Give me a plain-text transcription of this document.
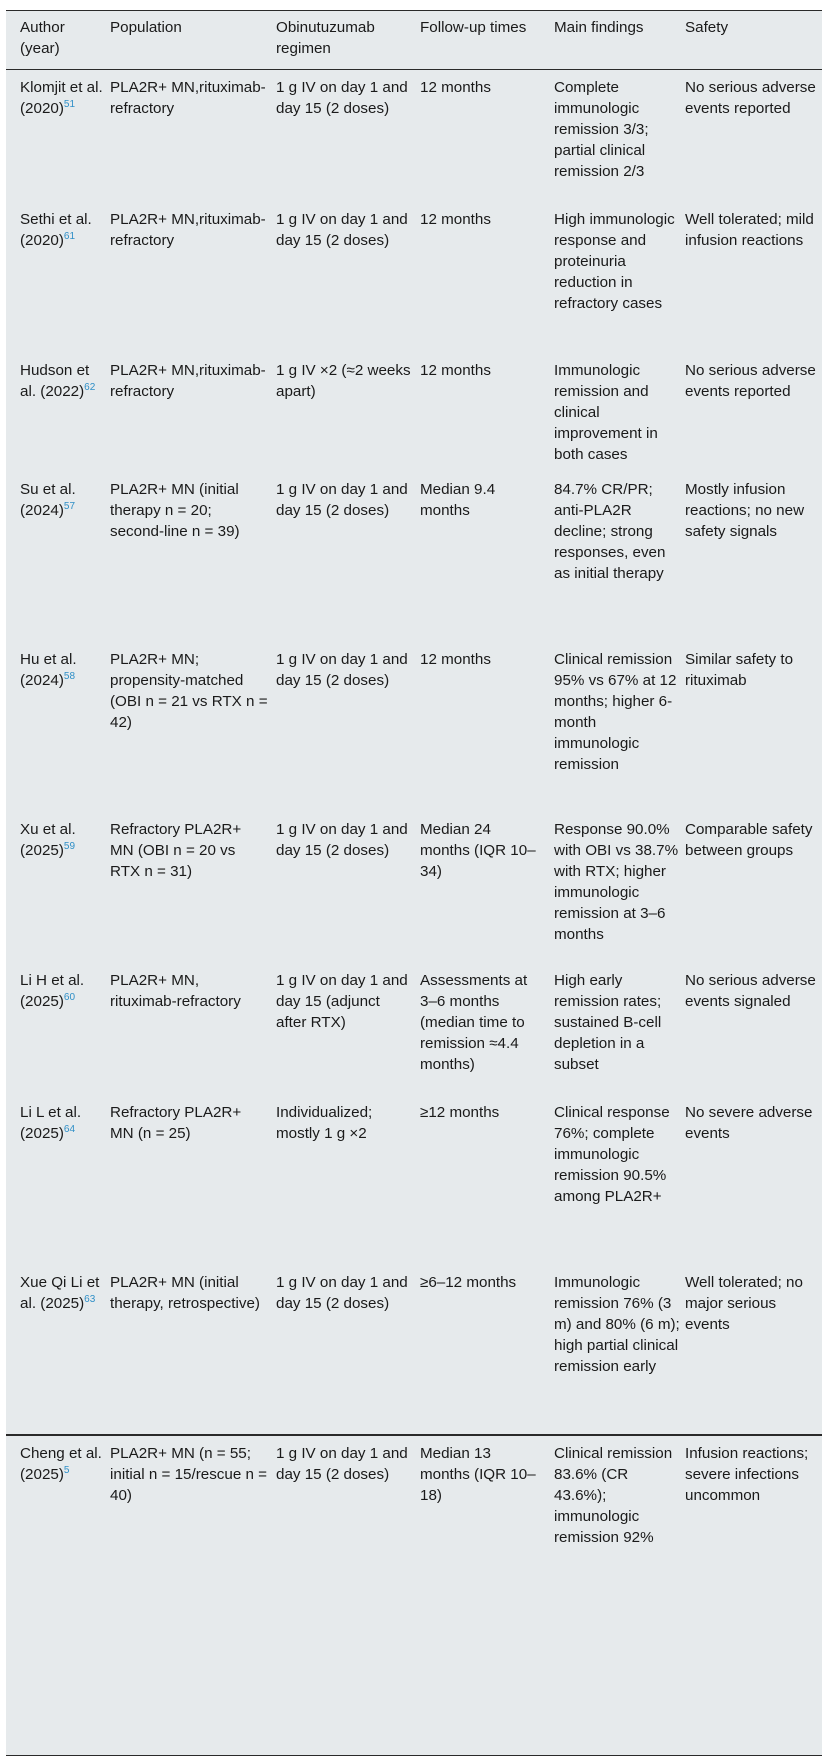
Author (year)	Population	Obinutuzumab regimen	Follow-up times	Main findings	Safety

Klomjit et al. (2020)$^{51}$	PLA2R+ MN,rituximab-refractory	1 g IV on day 1 and day 15 (2 doses)	12 months	Complete immunologic remission 3/3; partial clinical remission 2/3	No serious adverse events reported

Sethi et al. (2020)$^{61}$	PLA2R+ MN,rituximab-refractory	1 g IV on day 1 and day 15 (2 doses)	12 months	High immunologic response and proteinuria reduction in refractory cases	Well tolerated; mild infusion reactions

Hudson et al. (2022)$^{62}$	PLA2R+ MN,rituximab-refractory	1 g IV ×2 (≈2 weeks apart)	12 months	Immunologic remission and clinical improvement in both cases	No serious adverse events reported

Su et al. (2024)$^{57}$	PLA2R+ MN (initial therapy n = 20; second-line n = 39)	1 g IV on day 1 and day 15 (2 doses)	Median 9.4 months	84.7% CR/PR; anti-PLA2R decline; strong responses, even as initial therapy	Mostly infusion reactions; no new safety signals

Hu et al. (2024)$^{58}$	PLA2R+ MN; propensity-matched (OBI n = 21 vs RTX n = 42)	1 g IV on day 1 and day 15 (2 doses)	12 months	Clinical remission 95% vs 67% at 12 months; higher 6-month immunologic remission	Similar safety to rituximab

Xu et al. (2025)$^{59}$	Refractory PLA2R+ MN (OBI n = 20 vs RTX n = 31)	1 g IV on day 1 and day 15 (2 doses)	Median 24 months (IQR 10–34)	Response 90.0% with OBI vs 38.7% with RTX; higher immunologic remission at 3–6 months	Comparable safety between groups

Li H et al. (2025)$^{60}$	PLA2R+ MN, rituximab-refractory	1 g IV on day 1 and day 15 (adjunct after RTX)	Assessments at 3–6 months (median time to remission ≈4.4 months)	High early remission rates; sustained B-cell depletion in a subset	No serious adverse events signaled

Li L et al. (2025)$^{64}$	Refractory PLA2R+ MN (n = 25)	Individualized; mostly 1 g ×2	≥12 months	Clinical response 76%; complete immunologic remission 90.5% among PLA2R+	No severe adverse events

Xue Qi Li et al. (2025)$^{63}$	PLA2R+ MN (initial therapy, retrospective)	1 g IV on day 1 and day 15 (2 doses)	≥6–12 months	Immunologic remission 76% (3 m) and 80% (6 m); high partial clinical remission early	Well tolerated; no major serious events

Cheng et al. (2025)$^5$	PLA2R+ MN (n = 55; initial n = 15/rescue n = 40)	1 g IV on day 1 and day 15 (2 doses)	Median 13 months (IQR 10–18)	Clinical remission 83.6% (CR 43.6%); immunologic remission 92%	Infusion reactions; severe infections uncommon
